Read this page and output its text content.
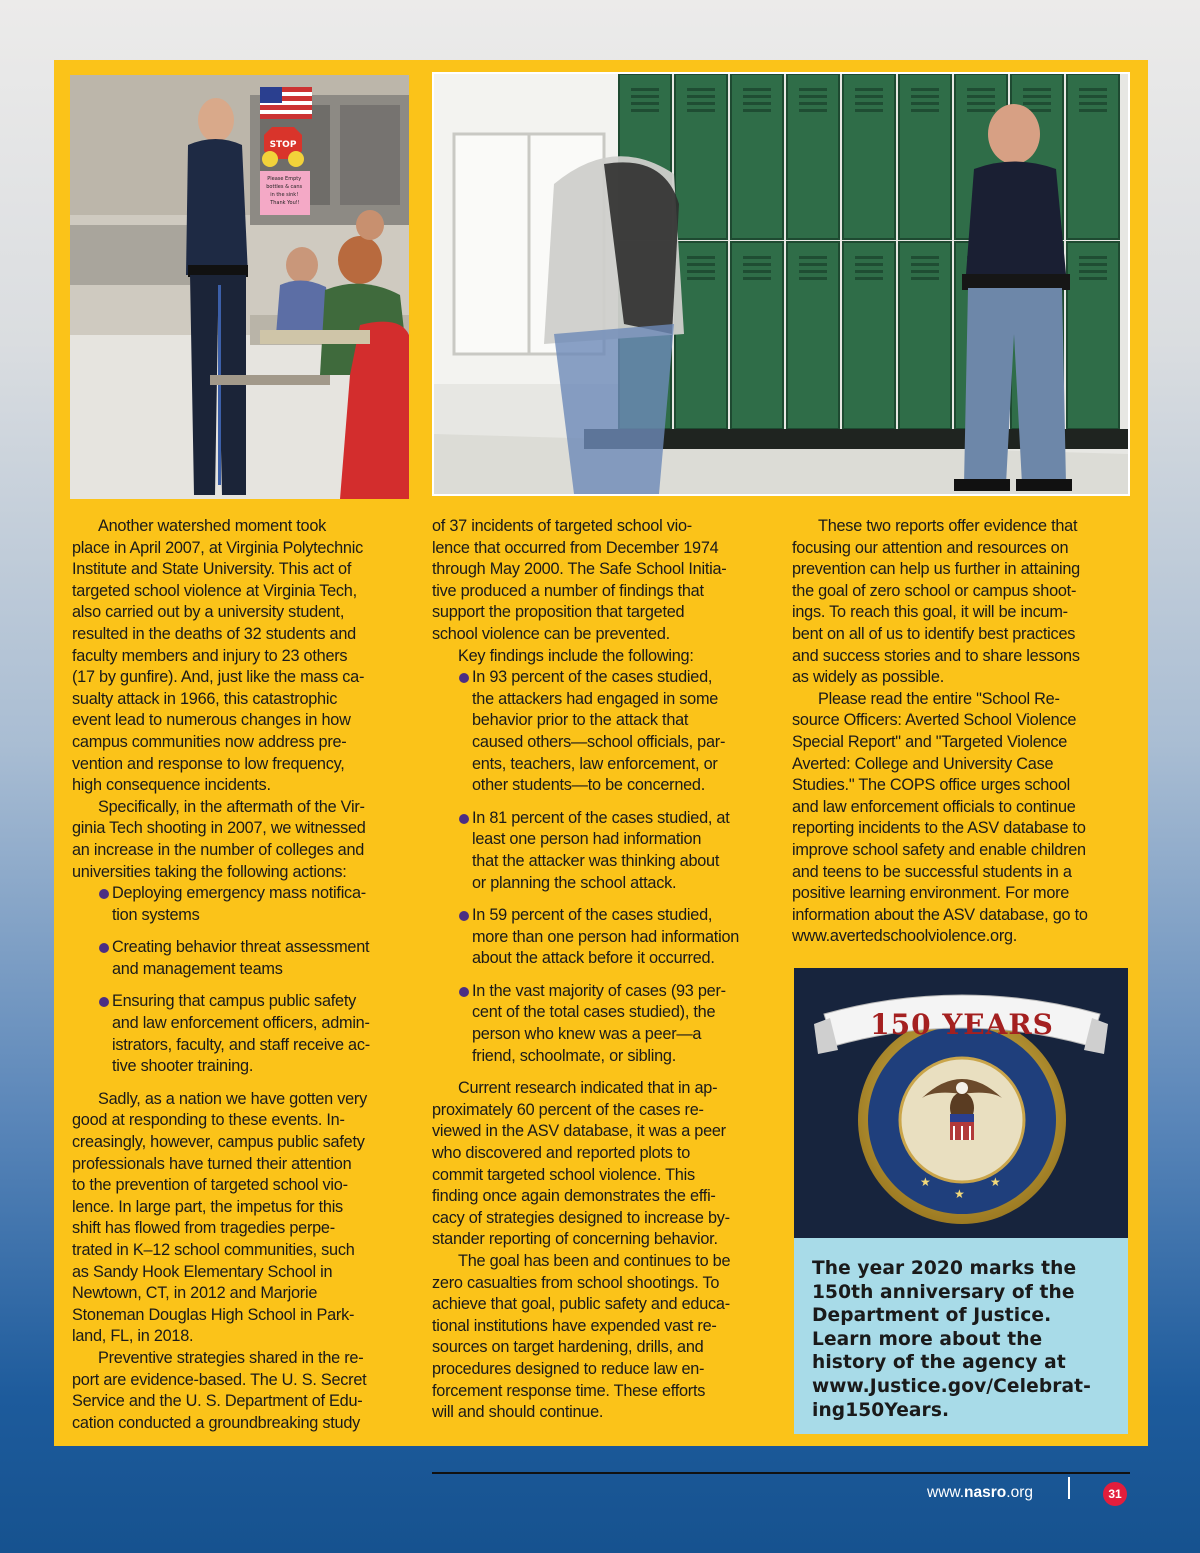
STOP
Please Empty bottles & cans in the sink! Thank You!!

Another watershed moment took
place in April 2007, at Virginia Polytechnic
Institute and State University. This act of
targeted school violence at Virginia Tech,
also carried out by a university student,
resulted in the deaths of 32 students and
faculty members and injury to 23 others
(17 by gunfire). And, just like the mass ca-
sualty attack in 1966, this catastrophic
event lead to numerous changes in how
campus communities now address pre-
vention and response to low frequency,
high consequence incidents.

Specifically, in the aftermath of the Vir-
ginia Tech shooting in 2007, we witnessed
an increase in the number of colleges and
universities taking the following actions:

Deploying emergency mass notifica-
tion systems
Creating behavior threat assessment
and management teams
Ensuring that campus public safety
and law enforcement officers, admin-
istrators, faculty, and staff receive ac-
tive shooter training.

Sadly, as a nation we have gotten very
good at responding to these events. In-
creasingly, however, campus public safety
professionals have turned their attention
to the prevention of targeted school vio-
lence. In large part, the impetus for this
shift has flowed from tragedies perpe-
trated in K–12 school communities, such
as Sandy Hook Elementary School in
Newtown, CT, in 2012 and Marjorie
Stoneman Douglas High School in Park-
land, FL, in 2018.

Preventive strategies shared in the re-
port are evidence-based. The U. S. Secret
Service and the U. S. Department of Edu-
cation conducted a groundbreaking study

of 37 incidents of targeted school vio-
lence that occurred from December 1974
through May 2000. The Safe School Initia-
tive produced a number of findings that
support the proposition that targeted
school violence can be prevented.

Key findings include the following:

In 93 percent of the cases studied,
the attackers had engaged in some
behavior prior to the attack that
caused others—school officials, par-
ents, teachers, law enforcement, or
other students—to be concerned.
In 81 percent of the cases studied, at
least one person had information
that the attacker was thinking about
or planning the school attack.
In 59 percent of the cases studied,
more than one person had information
about the attack before it occurred.
In the vast majority of cases (93 per-
cent of the total cases studied), the
person who knew was a peer—a
friend, schoolmate, or sibling.

Current research indicated that in ap-
proximately 60 percent of the cases re-
viewed in the ASV database, it was a peer
who discovered and reported plots to
commit targeted school violence. This
finding once again demonstrates the effi-
cacy of strategies designed to increase by-
stander reporting of concerning behavior.

The goal has been and continues to be
zero casualties from school shootings. To
achieve that goal, public safety and educa-
tional institutions have expended vast re-
sources on target hardening, drills, and
procedures designed to reduce law en-
forcement response time. These efforts
will and should continue.

These two reports offer evidence that
focusing our attention and resources on
prevention can help us further in attaining
the goal of zero school or campus shoot-
ings. To reach this goal, it will be incum-
bent on all of us to identify best practices
and success stories and to share lessons
as widely as possible.

Please read the entire "School Re-
source Officers: Averted School Violence
Special Report" and "Targeted Violence
Averted: College and University Case
Studies." The COPS office urges school
and law enforcement officials to continue
reporting incidents to the ASV database to
improve school safety and enable children
and teens to be successful students in a
positive learning environment. For more
information about the ASV database, go to
www.avertedschoolviolence.org.

★
★
★
150 YEARS

The year 2020 marks the
150th anniversary of the
Department of Justice.
Learn more about the
history of the agency at
www.Justice.gov/Celebrat-
ing150Years.

www.nasro.org	31
